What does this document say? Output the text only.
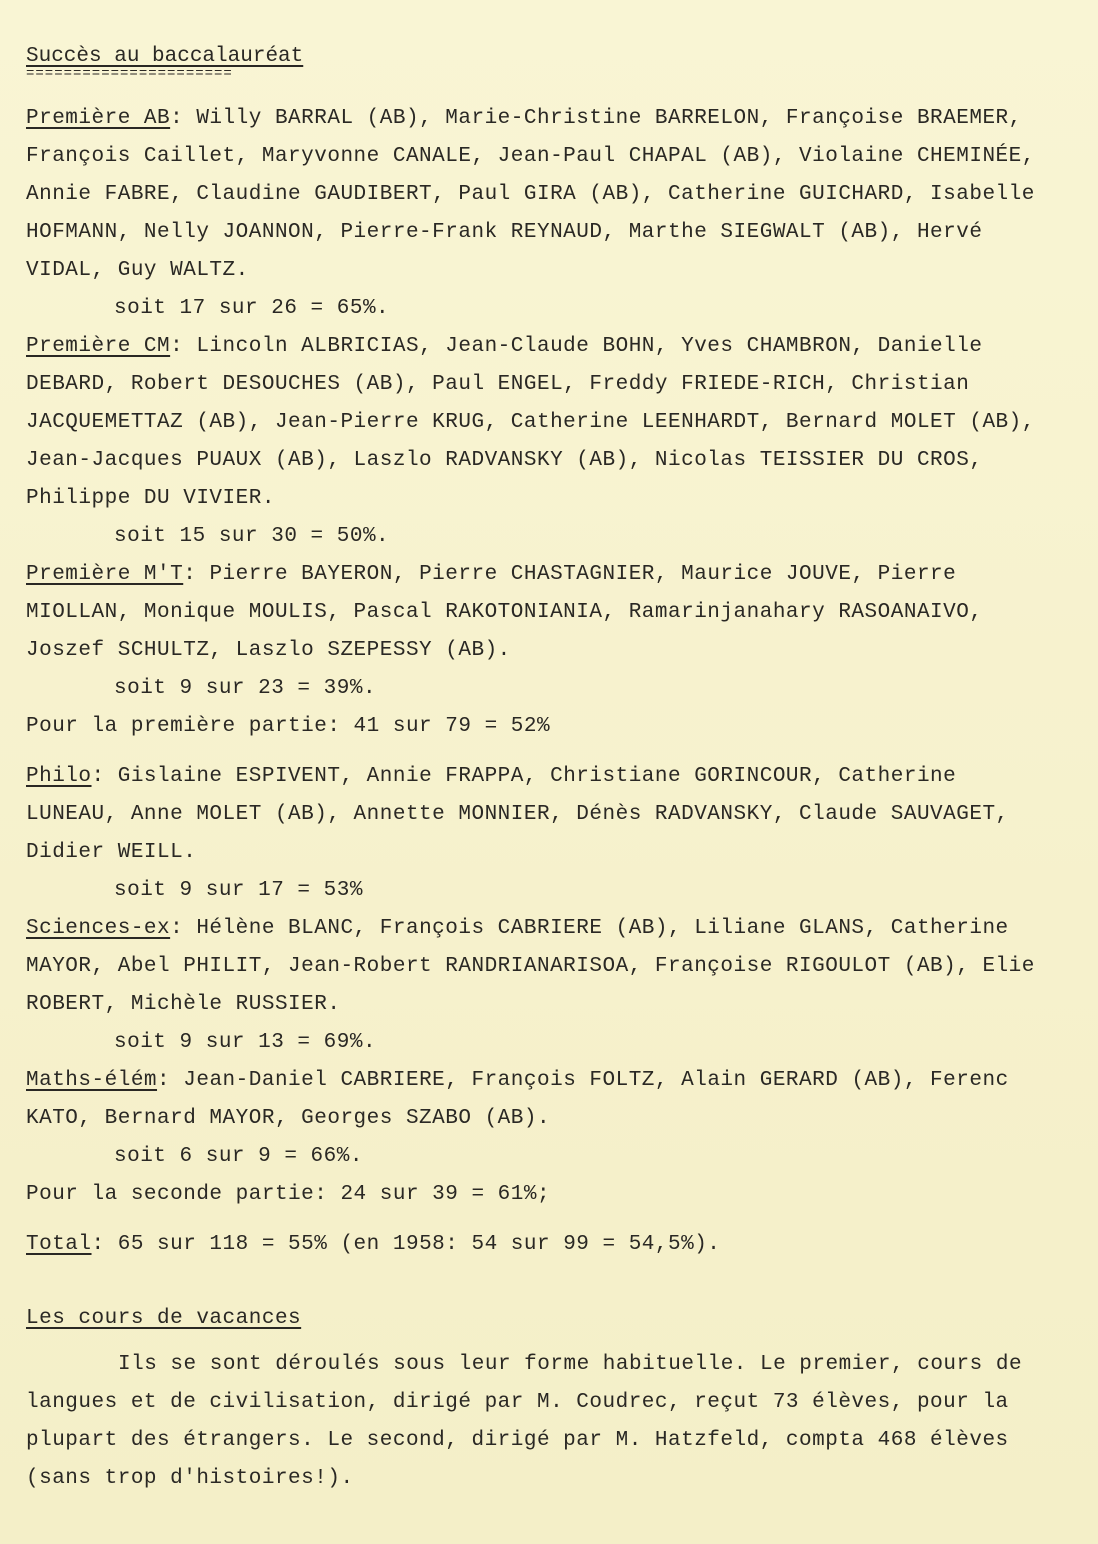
Succès au baccalauréat
======================

Première AB: Willy BARRAL (AB), Marie-Christine BARRELON, Françoise BRAEMER, François Caillet, Maryvonne CANALE, Jean-Paul CHAPAL (AB), Violaine CHEMINÉE, Annie FABRE, Claudine GAUDIBERT, Paul GIRA (AB), Catherine GUICHARD, Isabelle HOFMANN, Nelly JOANNON, Pierre-Frank REYNAUD, Marthe SIEGWALT (AB), Hervé VIDAL, Guy WALTZ.

soit 17 sur 26 = 65%.

Première CM: Lincoln ALBRICIAS, Jean-Claude BOHN, Yves CHAMBRON, Danielle DEBARD, Robert DESOUCHES (AB), Paul ENGEL, Freddy FRIEDE-RICH, Christian JACQUEMETTAZ (AB), Jean-Pierre KRUG, Catherine LEENHARDT, Bernard MOLET (AB), Jean-Jacques PUAUX (AB), Laszlo RADVANSKY (AB), Nicolas TEISSIER DU CROS, Philippe DU VIVIER.

soit 15 sur 30 = 50%.

Première M'T: Pierre BAYERON, Pierre CHASTAGNIER, Maurice JOUVE, Pierre MIOLLAN, Monique MOULIS, Pascal RAKOTONIANIA, Ramarinjanahary RASOANAIVO, Joszef SCHULTZ, Laszlo SZEPESSY (AB).

soit 9 sur 23 = 39%.
Pour la première partie: 41 sur 79 = 52%

Philo: Gislaine ESPIVENT, Annie FRAPPA, Christiane GORINCOUR, Catherine LUNEAU, Anne MOLET (AB), Annette MONNIER, Dénès RADVANSKY, Claude SAUVAGET, Didier WEILL.

soit 9 sur 17 = 53%

Sciences-ex: Hélène BLANC, François CABRIERE (AB), Liliane GLANS, Catherine MAYOR, Abel PHILIT, Jean-Robert RANDRIANARISOA, Françoise RIGOULOT (AB), Elie ROBERT, Michèle RUSSIER.

soit 9 sur 13 = 69%.

Maths-élém: Jean-Daniel CABRIERE, François FOLTZ, Alain GERARD (AB), Ferenc KATO, Bernard MAYOR, Georges SZABO (AB).

soit 6 sur 9 = 66%.
Pour la seconde partie: 24 sur 39 = 61%;
Total: 65 sur 118 = 55% (en 1958: 54 sur 99 = 54,5%).
Les cours de vacances

Ils se sont déroulés sous leur forme habituelle. Le premier, cours de langues et de civilisation, dirigé par M. Coudrec, reçut 73 élèves, pour la plupart des étrangers. Le second, dirigé par M. Hatzfeld, compta 468 élèves (sans trop d'histoires!).
